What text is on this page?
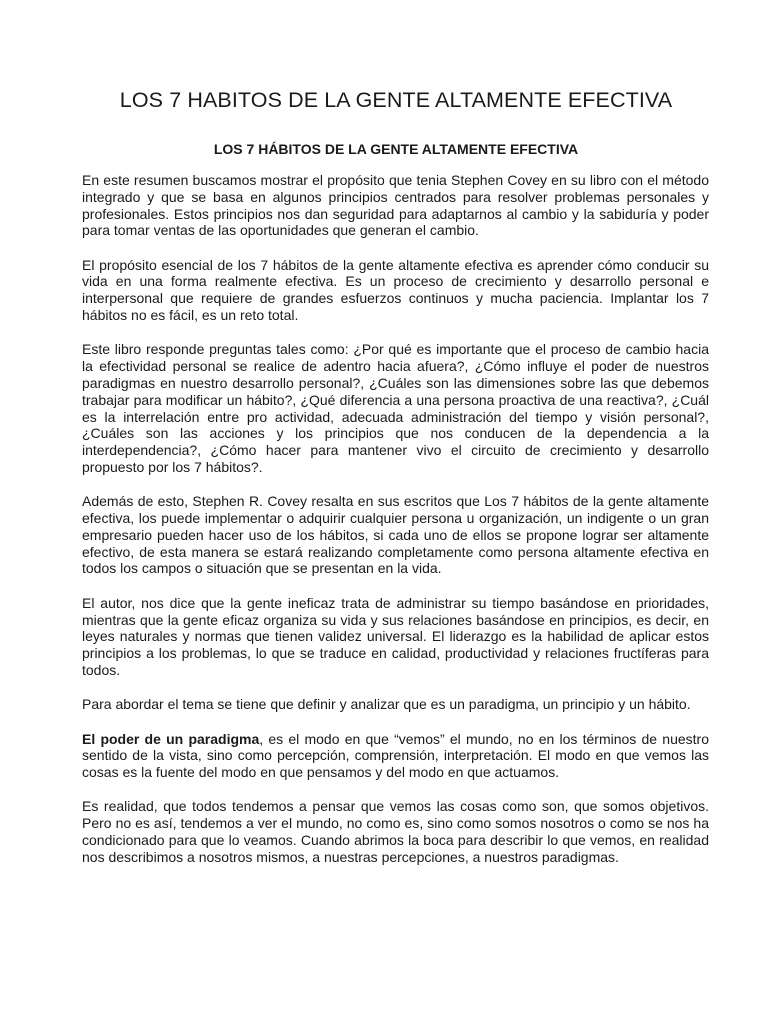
LOS 7 HABITOS DE LA GENTE ALTAMENTE EFECTIVA
LOS 7 HÁBITOS DE LA GENTE ALTAMENTE EFECTIVA

En este resumen buscamos mostrar el propósito que tenia Stephen Covey en su libro con el método integrado y que se basa en algunos principios centrados para resolver problemas personales y profesionales. Estos principios nos dan seguridad para adaptarnos al cambio y la sabiduría y poder para tomar ventas de las oportunidades que generan el cambio.

El propósito esencial de los 7 hábitos de la gente altamente efectiva es aprender cómo conducir su vida en una forma realmente efectiva. Es un proceso de crecimiento y desarrollo personal e interpersonal que requiere de grandes esfuerzos continuos y mucha paciencia. Implantar los 7 hábitos no es fácil, es un reto total.

Este libro responde preguntas tales como: ¿Por qué es importante que el proceso de cambio hacia la efectividad personal se realice de adentro hacia afuera?, ¿Cómo influye el poder de nuestros paradigmas en nuestro desarrollo personal?, ¿Cuáles son las dimensiones sobre las que debemos trabajar para modificar un hábito?, ¿Qué diferencia a una persona proactiva de una reactiva?, ¿Cuál es la interrelación entre pro actividad, adecuada administración del tiempo y visión personal?, ¿Cuáles son las acciones y los principios que nos conducen de la dependencia a la interdependencia?, ¿Cómo hacer para mantener vivo el circuito de crecimiento y desarrollo propuesto por los 7 hábitos?.

Además de esto, Stephen R. Covey resalta en sus escritos que Los 7 hábitos de la gente altamente efectiva, los puede implementar o adquirir cualquier persona u organización, un indigente o un gran empresario pueden hacer uso de los hábitos, si cada uno de ellos se propone lograr ser altamente efectivo, de esta manera se estará realizando completamente como persona altamente efectiva en todos los campos o situación que se presentan en la vida.

El autor, nos dice que la gente ineficaz trata de administrar su tiempo basándose en prioridades, mientras que la gente eficaz organiza su vida y sus relaciones basándose en principios, es decir, en leyes naturales y normas que tienen validez universal. El liderazgo es la habilidad de aplicar estos principios a los problemas, lo que se traduce en calidad, productividad y relaciones fructíferas para todos.

Para abordar el tema se tiene que definir y analizar que es un paradigma, un principio y un hábito.

El poder de un paradigma, es el modo en que “vemos” el mundo, no en los términos de nuestro sentido de la vista, sino como percepción, comprensión, interpretación. El modo en que vemos las cosas es la fuente del modo en que pensamos y del modo en que actuamos.

Es realidad, que todos tendemos a pensar que vemos las cosas como son, que somos objetivos. Pero no es así, tendemos a ver el mundo, no como es, sino como somos nosotros o como se nos ha condicionado para que lo veamos. Cuando abrimos la boca para describir lo que vemos, en realidad nos describimos a nosotros mismos, a nuestras percepciones, a nuestros paradigmas.
